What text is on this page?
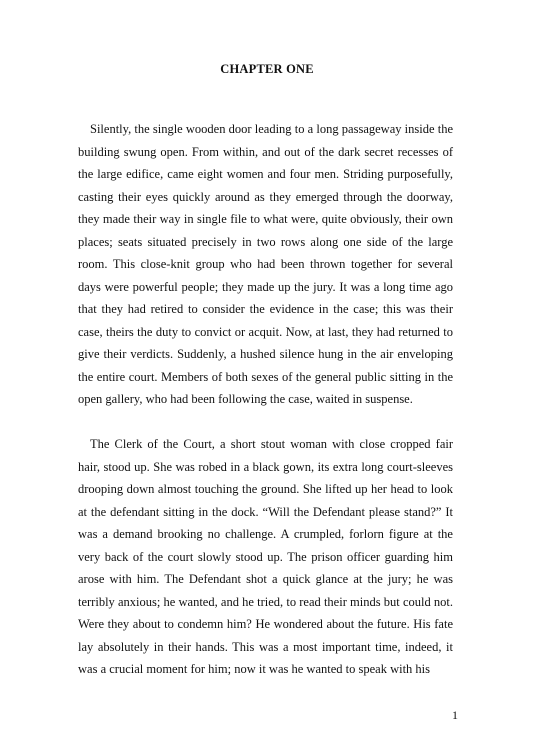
CHAPTER ONE

Silently, the single wooden door leading to a long passageway inside the building swung open. From within, and out of the dark secret recesses of the large edifice, came eight women and four men. Striding purposefully, casting their eyes quickly around as they emerged through the doorway, they made their way in single file to what were, quite obviously, their own places; seats situated precisely in two rows along one side of the large room. This close-knit group who had been thrown together for several days were powerful people; they made up the jury. It was a long time ago that they had retired to consider the evidence in the case; this was their case, theirs the duty to convict or acquit. Now, at last, they had returned to give their verdicts. Suddenly, a hushed silence hung in the air enveloping the entire court. Members of both sexes of the general public sitting in the open gallery, who had been following the case, waited in suspense.

The Clerk of the Court, a short stout woman with close cropped fair hair, stood up. She was robed in a black gown, its extra long court-sleeves drooping down almost touching the ground. She lifted up her head to look at the defendant sitting in the dock. “Will the Defendant please stand?” It was a demand brooking no challenge. A crumpled, forlorn figure at the very back of the court slowly stood up. The prison officer guarding him arose with him. The Defendant shot a quick glance at the jury; he was terribly anxious; he wanted, and he tried, to read their minds but could not. Were they about to condemn him? He wondered about the future. His fate lay absolutely in their hands. This was a most important time, indeed, it was a crucial moment for him; now it was he wanted to speak with his

1
